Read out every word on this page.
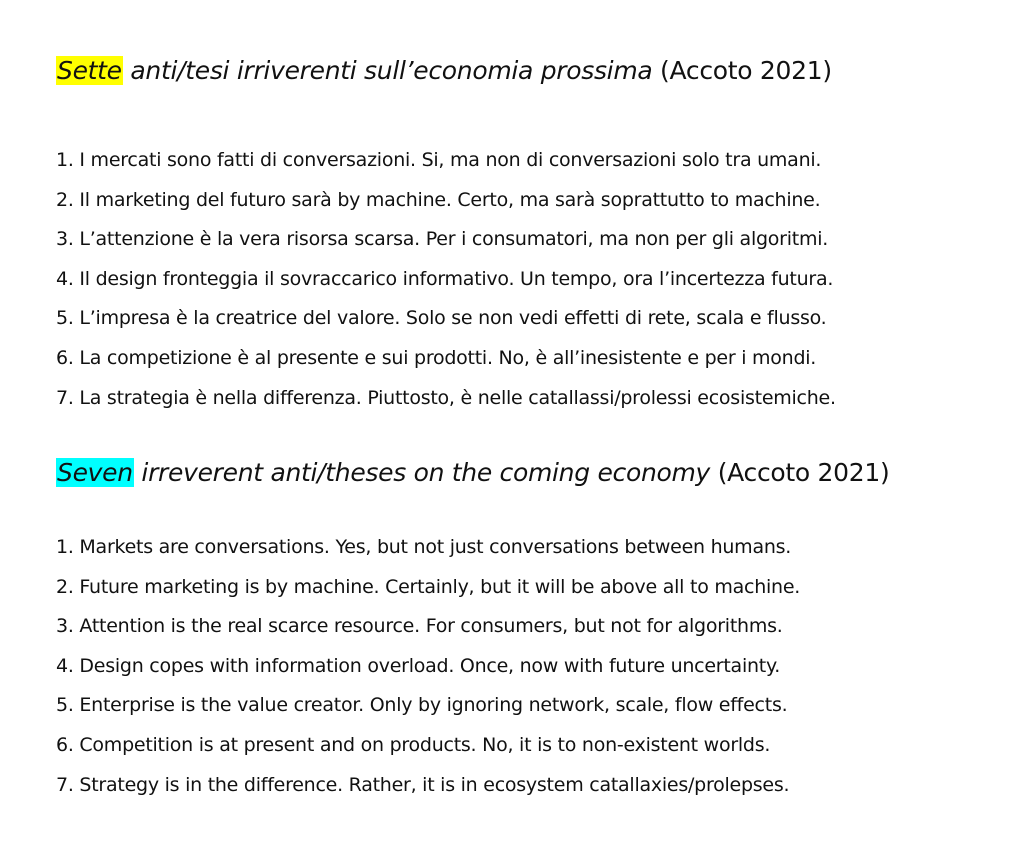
Sette anti/tesi irriverenti sull’economia prossima (Accoto 2021)
1. I mercati sono fatti di conversazioni. Si, ma non di conversazioni solo tra umani.
2. Il marketing del futuro sarà by machine. Certo, ma sarà soprattutto to machine.
3. L’attenzione è la vera risorsa scarsa. Per i consumatori, ma non per gli algoritmi.
4. Il design fronteggia il sovraccarico informativo. Un tempo, ora l’incertezza futura.
5. L’impresa è la creatrice del valore. Solo se non vedi effetti di rete, scala e flusso.
6. La competizione è al presente e sui prodotti. No, è all’inesistente e per i mondi.
7. La strategia è nella differenza. Piuttosto, è nelle catallassi/prolessi ecosistemiche.
Seven irreverent anti/theses on the coming economy (Accoto 2021)
1. Markets are conversations. Yes, but not just conversations between humans.
2. Future marketing is by machine. Certainly, but it will be above all to machine.
3. Attention is the real scarce resource. For consumers, but not for algorithms.
4. Design copes with information overload. Once, now with future uncertainty.
5. Enterprise is the value creator. Only by ignoring network, scale, flow effects.
6. Competition is at present and on products. No, it is to non-existent worlds.
7. Strategy is in the difference. Rather, it is in ecosystem catallaxies/prolepses.
